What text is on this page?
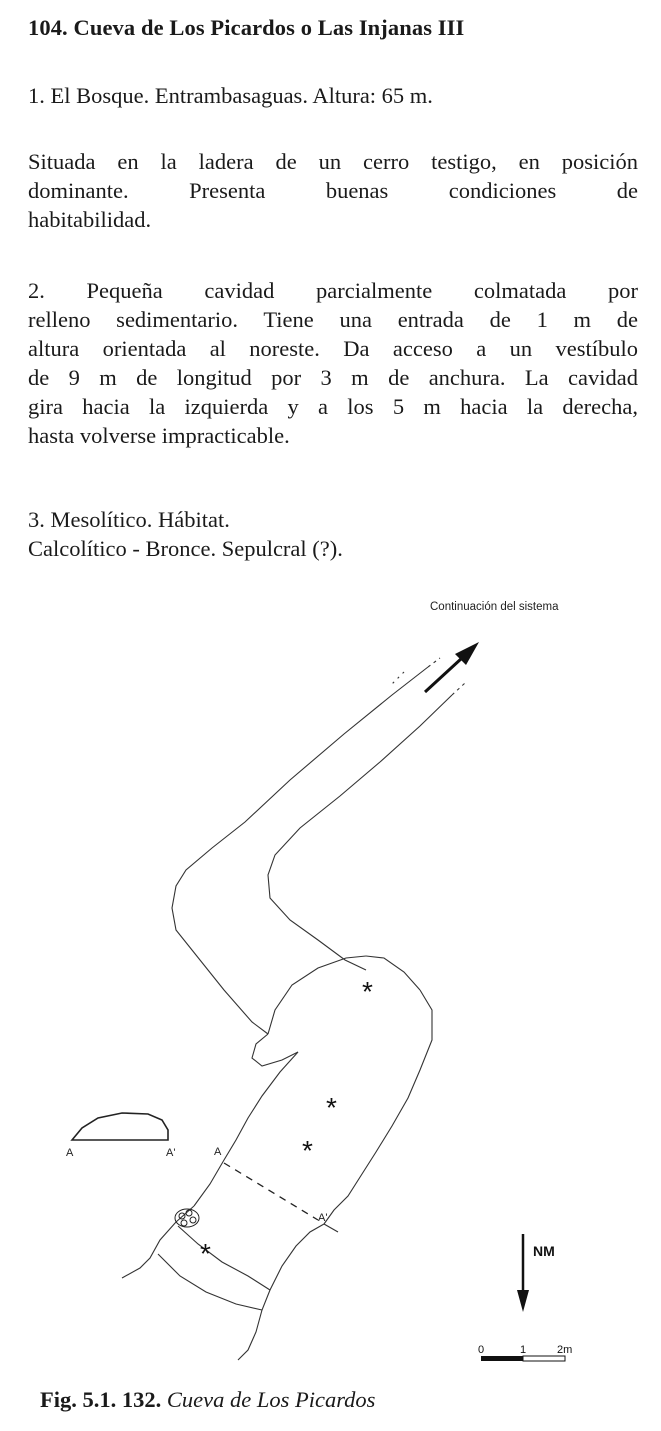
104. Cueva de Los Picardos o Las Injanas III
1. El Bosque. Entrambasaguas. Altura: 65 m.
Situada en la ladera de un cerro testigo, en posición
dominante. Presenta buenas condiciones de
habitabilidad.
2. Pequeña cavidad parcialmente colmatada por
relleno sedimentario. Tiene una entrada de 1 m de
altura orientada al noreste. Da acceso a un vestíbulo
de 9 m de longitud por 3 m de anchura. La cavidad
gira hacia la izquierda y a los 5 m hacia la derecha,
hasta volverse impracticable.
3. Mesolítico. Hábitat.
Calcolítico - Bronce. Sepulcral (?).
Continuación del sistema
A
A'
A	A'
*
*
*
*	NM
0	1	2m
Fig. 5.1. 132. Cueva de Los Picardos
